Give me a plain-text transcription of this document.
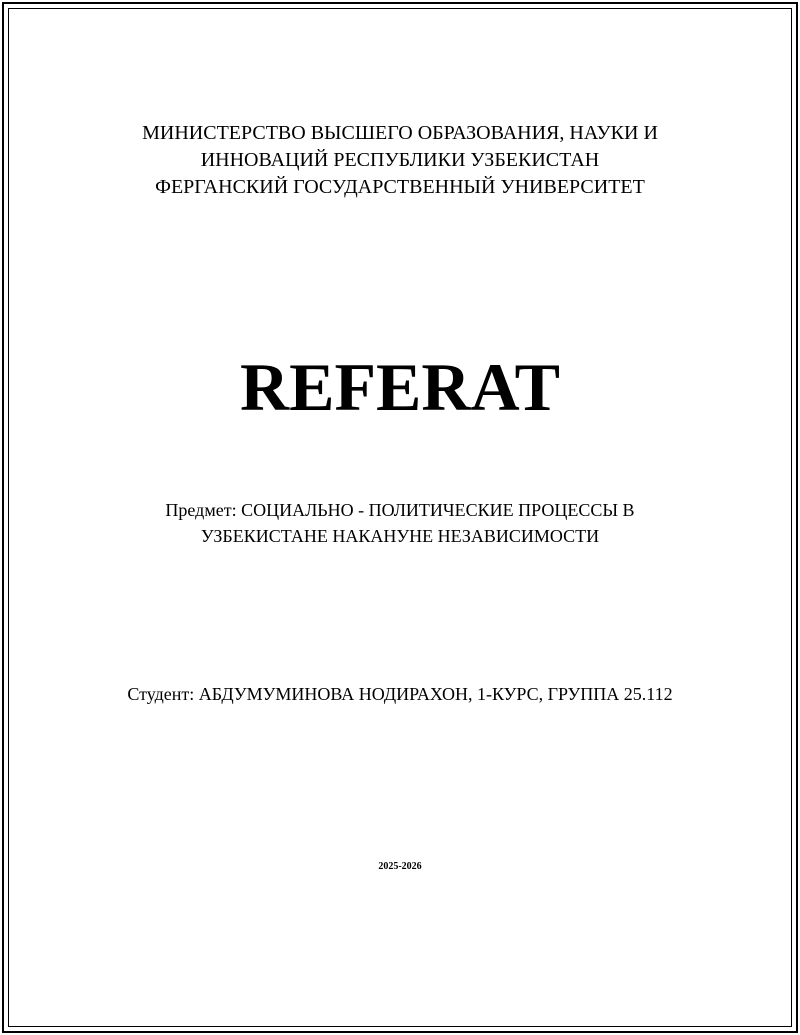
МИНИСТЕРСТВО ВЫСШЕГО ОБРАЗОВАНИЯ, НАУКИ И
ИННОВАЦИЙ РЕСПУБЛИКИ УЗБЕКИСТАН
ФЕРГАНСКИЙ ГОСУДАРСТВЕННЫЙ УНИВЕРСИТЕТ
REFERAT
Предмет: СОЦИАЛЬНО - ПОЛИТИЧЕСКИЕ ПРОЦЕССЫ В
УЗБЕКИСТАНЕ НАКАНУНЕ НЕЗАВИСИМОСТИ
Студент: АБДУМУМИНОВА НОДИРАХОН, 1-КУРС, ГРУППА 25.112
2025-2026
